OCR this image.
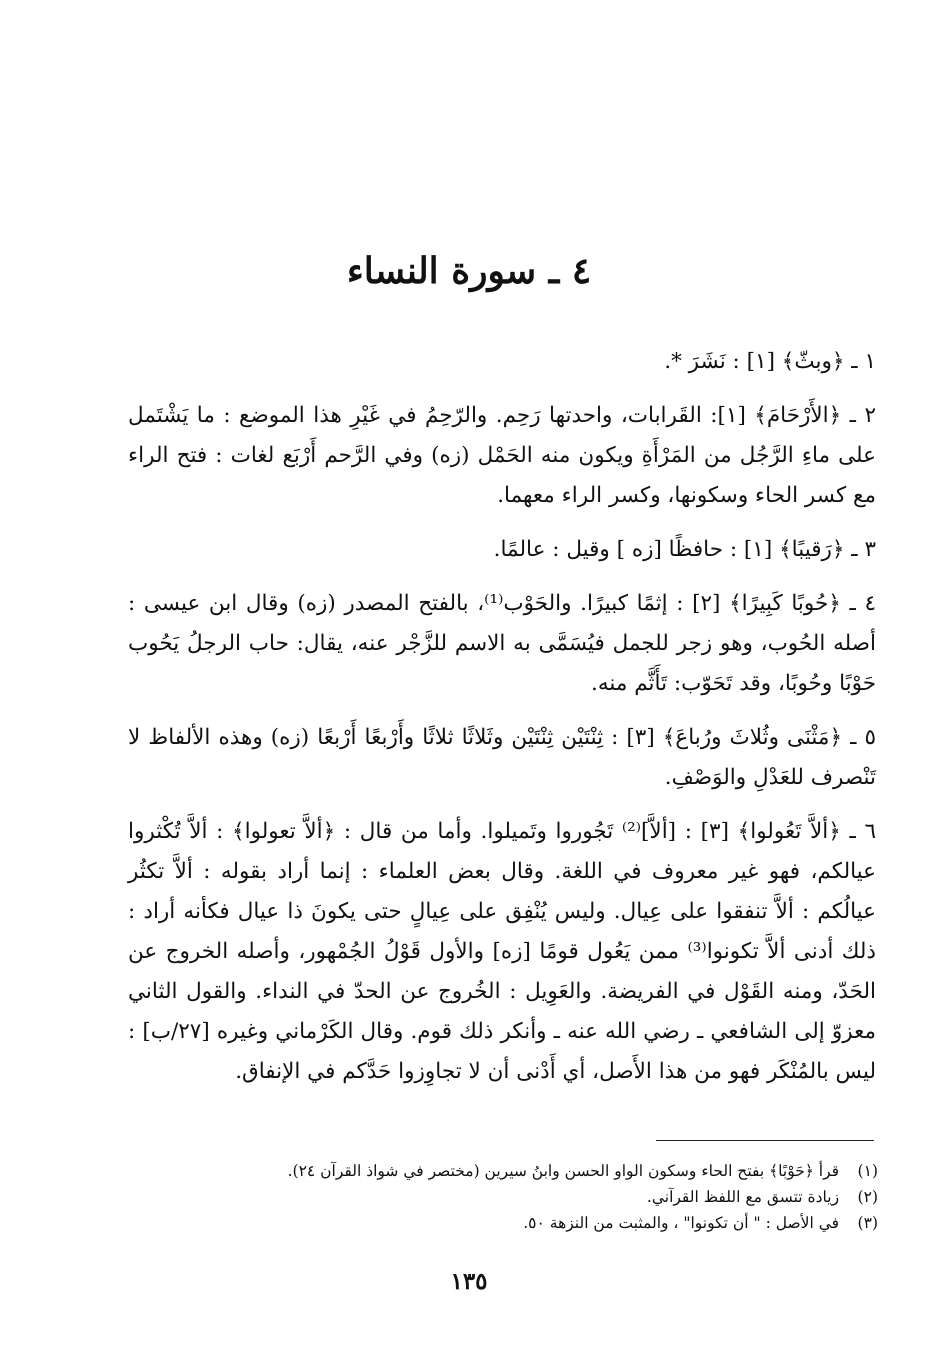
٤ ـ سورة النساء

١ ـ ﴿وبثّ﴾ [١] : نَشَرَ *.

٢ ـ ﴿الأَرْحَامَ﴾ [١]: القَرابات، واحدتها رَحِم. والرّحِمُ في غَيْرِ هذا الموضع : ما يَشْتَمل على ماءِ الرَّجُل من المَرْأَةِ ويكون منه الحَمْل (زه) وفي الرَّحم أَرْبَع لغات : فتح الراء مع كسر الحاء وسكونها، وكسر الراء معهما.

٣ ـ ﴿رَقيبًا﴾ [١] : حافظًا [زه ] وقيل : عالمًا.

٤ ـ ﴿حُوبًا كَبِيرًا﴾ [٢] : إثمًا كبيرًا. والحَوْب⁽¹⁾، بالفتح المصدر (زه) وقال ابن عيسى : أصله الحُوب، وهو زجر للجمل فيُسَمَّى به الاسم للزَّجْر عنه، يقال: حاب الرجلُ يَحُوب حَوْبًا وحُوبًا، وقد تَحَوّب: تَأَثَّم منه.

٥ ـ ﴿مَثْنَى وثُلاثَ ورُباعَ﴾ [٣] : ثِنْتَيْن ثِنْتَيْن وثَلاثًا ثلاثًا وأَرْبعًا أَرْبعًا (زه) وهذه الألفاظ لا تَنْصرف للعَدْلِ والوَصْفِ.

٦ ـ ﴿ألاَّ تَعُولوا﴾ [٣] : [ألاَّ]⁽²⁾ تَجُوروا وتَميلوا. وأما من قال : ﴿ألاَّ تعولوا﴾ : ألاَّ تُكْثروا عيالكم، فهو غير معروف في اللغة. وقال بعض العلماء : إنما أراد بقوله : ألاَّ تكثُر عيالُكم : ألاَّ تنفقوا على عِيال. وليس يُنْفِق على عِيالٍ حتى يكونَ ذا عيال فكأنه أراد : ذلك أدنى ألاَّ تكونوا⁽³⁾ ممن يَعُول قومًا [زه] والأول قَوْلُ الجُمْهور، وأصله الخروج عن الحَدّ، ومنه القَوْل في الفريضة. والعَوِيل : الخُروج عن الحدّ في النداء. والقول الثاني معزوّ إلى الشافعي ـ رضي الله عنه ـ وأنكر ذلك قوم. وقال الكَرْماني وغيره [٢٧/ب] : ليس بالمُنْكَر فهو من هذا الأَصل، أي أَدْنى أن لا تجاوِزوا حَدَّكم في الإنفاق.

(١) قرأ ﴿حَوْبًا﴾ بفتح الحاء وسكون الواو الحسن وابنُ سيرين (مختصر في شواذ القرآن ٢٤).
(٢) زيادة تتسق مع اللفظ القرآني.
(٣) في الأصل : " أن تكونوا" ، والمثبت من النزهة ٥٠.
١٣٥
